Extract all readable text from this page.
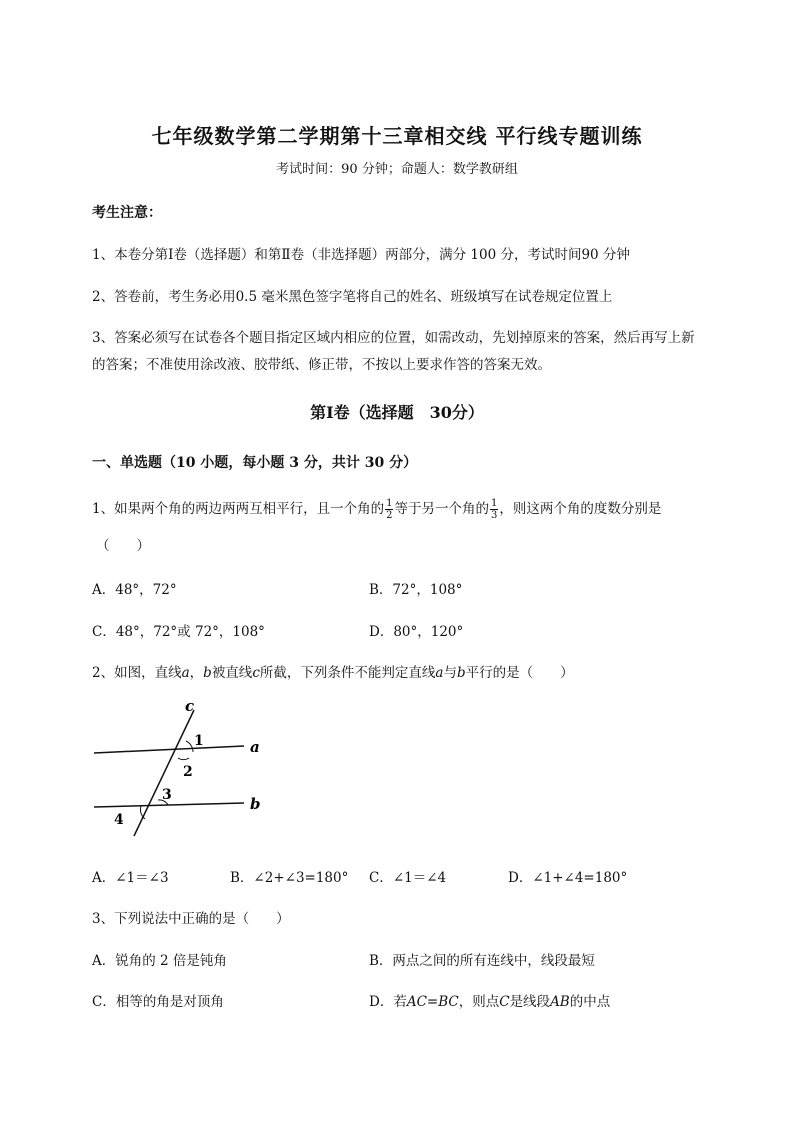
七年级数学第二学期第十三章相交线 平行线专题训练
考试时间：90 分钟；命题人：数学教研组
考生注意：
1、本卷分第Ⅰ卷（选择题）和第Ⅱ卷（非选择题）两部分，满分 100 分，考试时间90 分钟
2、答卷前，考生务必用0.5 毫米黑色签字笔将自己的姓名、班级填写在试卷规定位置上
3、答案必须写在试卷各个题目指定区域内相应的位置，如需改动，先划掉原来的答案，然后再写上新
的答案；不准使用涂改液、胶带纸、修正带，不按以上要求作答的答案无效。
第Ⅰ卷（选择题　30分）
一、单选题（10 小题，每小题 3 分，共计 30 分）
1、如果两个角的两边两两互相平行，且一个角的 $\frac{1}{2}$ 等于另一个角的 $\frac{1}{3}$ ，则这两个角的度数分别是
（　　）
A．48°，72°	B．72°，108°
C．48°，72°或 72°，108°	D．80°，120°
2、如图，直线a，b被直线c所截，下列条件不能判定直线a与b平行的是（　　）
c
a
b
1
2
3
4
A．∠1＝∠3	B．∠2+∠3=180° C．∠1＝∠4	D．∠1+∠4=180°
3、下列说法中正确的是（　　）
A．锐角的 2 倍是钝角	B．两点之间的所有连线中，线段最短
C．相等的角是对顶角	D．若AC=BC，则点C是线段AB的中点
